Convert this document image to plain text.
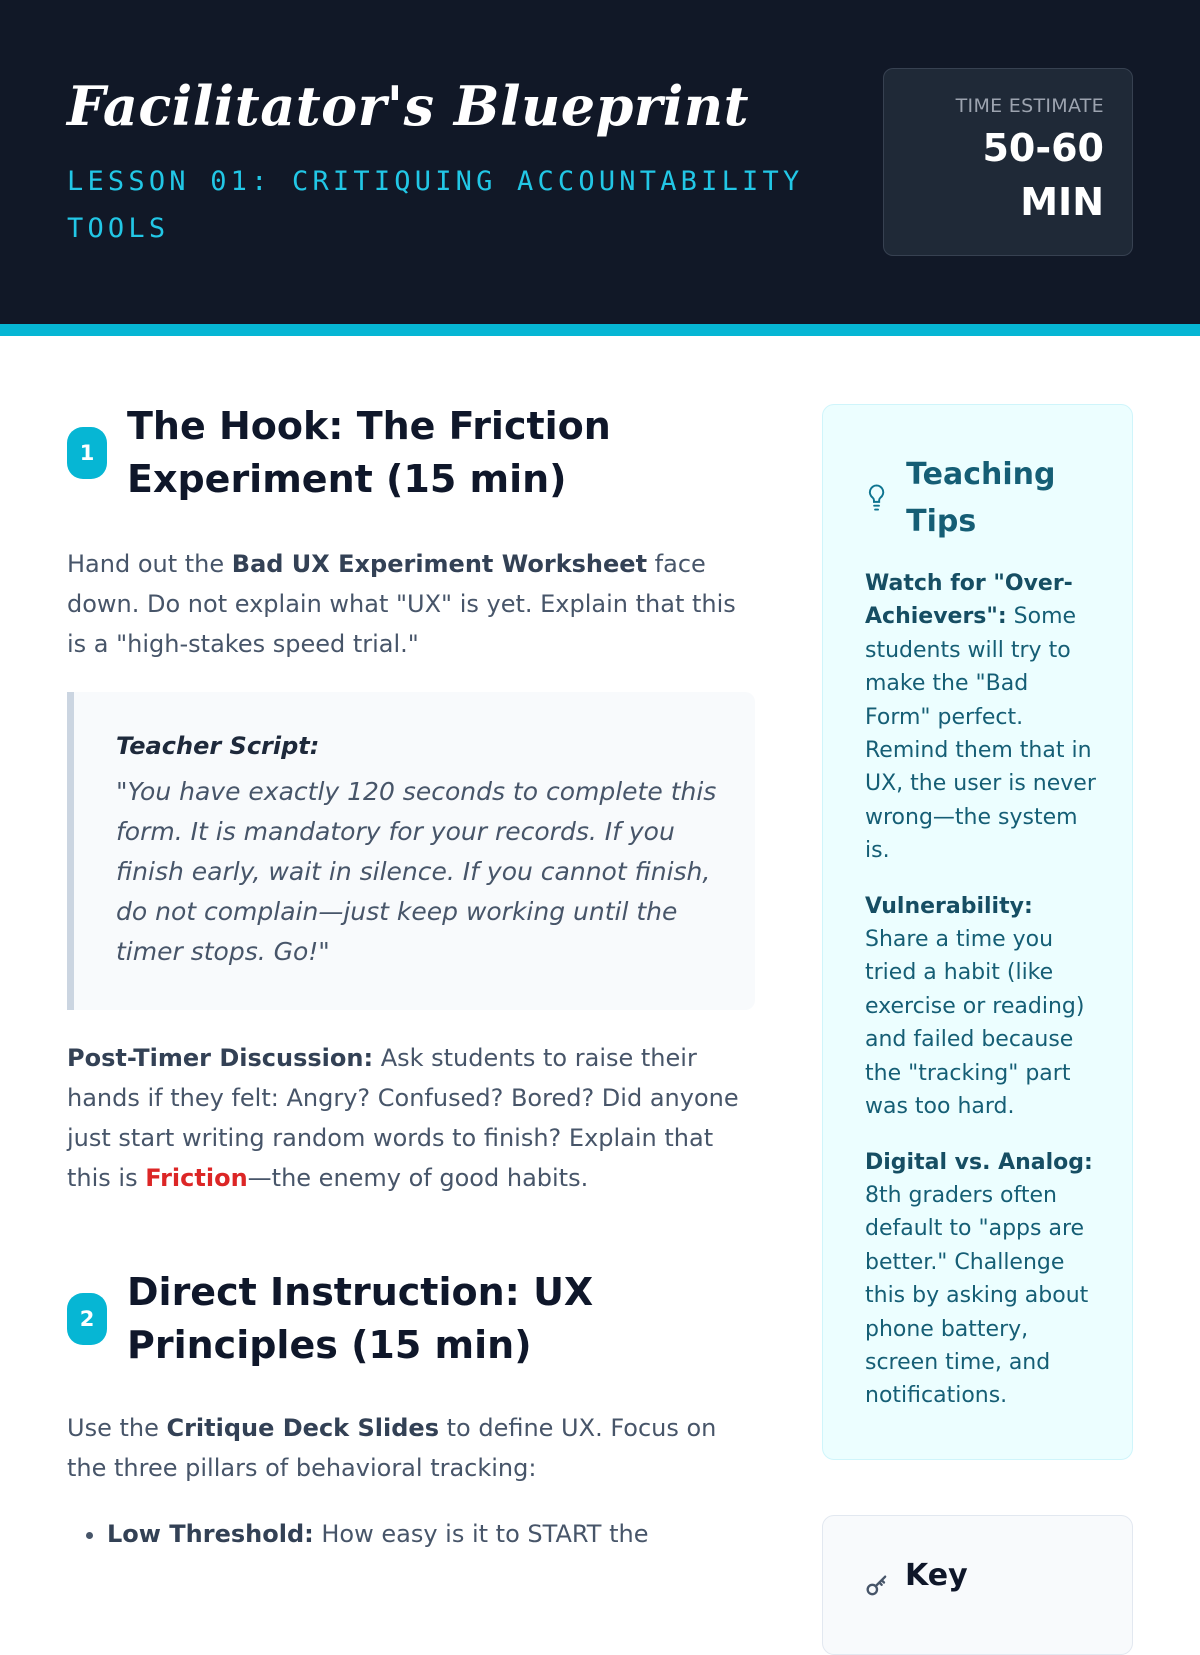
Facilitator's Blueprint
LESSON 01: CRITIQUING ACCOUNTABILITY TOOLS
TIME ESTIMATE
50-60
MIN
1
The Hook: The Friction Experiment (15 min)

Hand out the Bad UX Experiment Worksheet face down. Do not explain what "UX" is yet. Explain that this is a "high-stakes speed trial."

Teacher Script:
"You have exactly 120 seconds to complete this form. It is mandatory for your records. If you finish early, wait in silence. If you cannot finish, do not complain—just keep working until the timer stops. Go!"

Post-Timer Discussion: Ask students to raise their hands if they felt: Angry? Confused? Bored? Did anyone just start writing random words to finish? Explain that this is Friction—the enemy of good habits.

2
Direct Instruction: UX Principles (15 min)

Use the Critique Deck Slides to define UX. Focus on the three pillars of behavioral tracking:

• Low Threshold: How easy is it to START the
Teaching Tips

Watch for "Over-Achievers": Some students will try to make the "Bad Form" perfect. Remind them that in UX, the user is never wrong—the system is.

Vulnerability: Share a time you tried a habit (like exercise or reading) and failed because the "tracking" part was too hard.

Digital vs. Analog: 8th graders often default to "apps are better." Challenge this by asking about phone battery, screen time, and notifications.

Key
